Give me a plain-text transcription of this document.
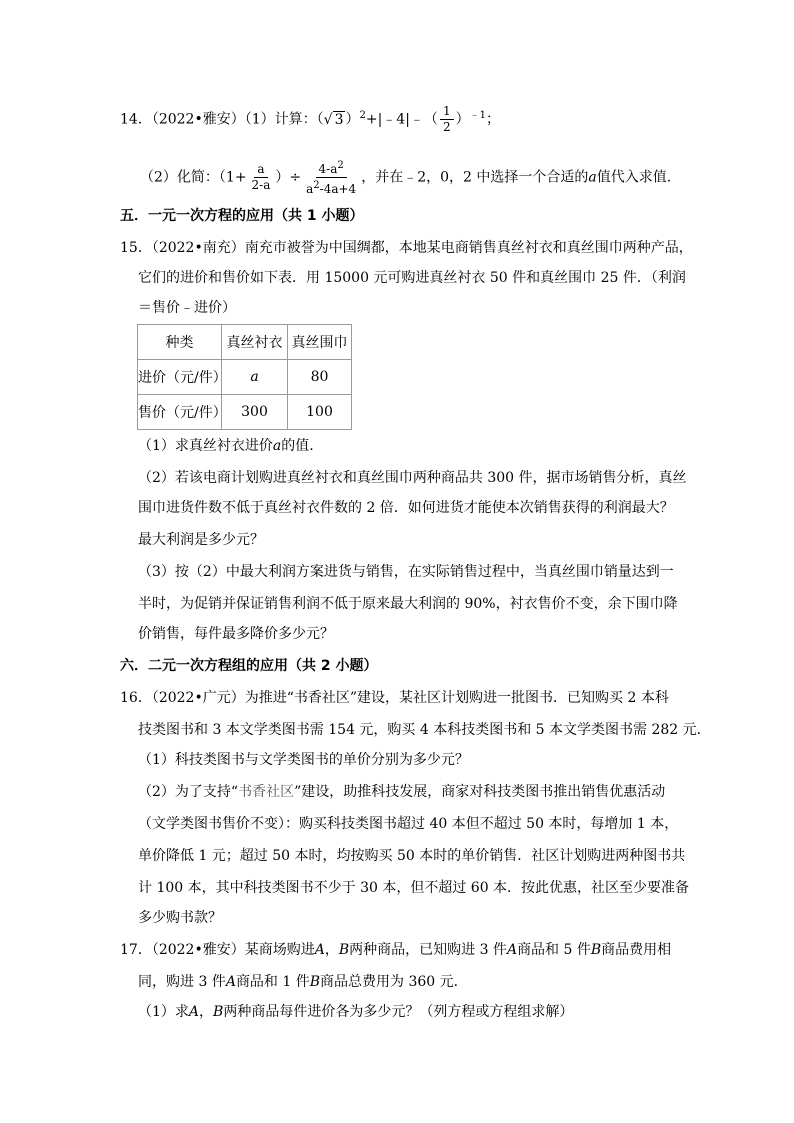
14．（2022•雅安）（1）计算：（√ 3 ）$^2$+|﹣4|﹣（ $\frac{1}{2} )^{﹣1}$；
（2）化简：（$1+ \frac{a}{2-a}$ ）÷ $\frac{4-a^2}{a^2-4a+4}$ ，并在﹣2，0，2 中选择一个合适的a值代入求值.
五．一元一次方程的应用（共 1 小题）
15．（2022•南充）南充市被誉为中国绸都，本地某电商销售真丝衬衣和真丝围巾两种产品，
它们的进价和售价如下表．用 15000 元可购进真丝衬衣 50 件和真丝围巾 25 件．（利润
＝售价﹣进价）
种类	真丝衬衣	真丝围巾
进价（元/件）	a	80
售价（元/件）	300	100
（1）求真丝衬衣进价a的值.
（2）若该电商计划购进真丝衬衣和真丝围巾两种商品共 300 件，据市场销售分析，真丝
围巾进货件数不低于真丝衬衣件数的 2 倍．如何进货才能使本次销售获得的利润最大？
最大利润是多少元？
（3）按（2）中最大利润方案进货与销售，在实际销售过程中，当真丝围巾销量达到一
半时，为促销并保证销售利润不低于原来最大利润的 90%，衬衣售价不变，余下围巾降
价销售，每件最多降价多少元？
六．二元一次方程组的应用（共 2 小题）
16．（2022•广元）为推进“书香社区”建设，某社区计划购进一批图书．已知购买 2 本科
技类图书和 3 本文学类图书需 154 元，购买 4 本科技类图书和 5 本文学类图书需 282 元．
（1）科技类图书与文学类图书的单价分别为多少元？
（2）为了支持“书香社区”建设，助推科技发展，商家对科技类图书推出销售优惠活动
（文学类图书售价不变）：购买科技类图书超过 40 本但不超过 50 本时，每增加 1 本，
单价降低 1 元；超过 50 本时，均按购买 50 本时的单价销售．社区计划购进两种图书共
计 100 本，其中科技类图书不少于 30 本，但不超过 60 本．按此优惠，社区至少要准备
多少购书款？
17．（2022•雅安）某商场购进A，B两种商品，已知购进 3 件A商品和 5 件B商品费用相
同，购进 3 件A商品和 1 件B商品总费用为 360 元．
（1）求A，B两种商品每件进价各为多少元？（列方程或方程组求解）
